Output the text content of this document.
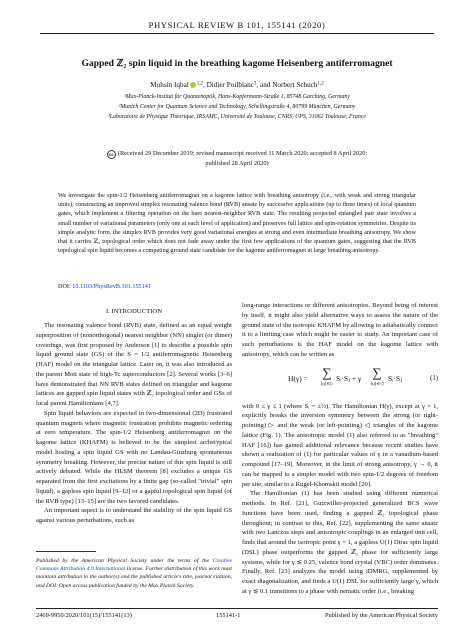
PHYSICAL REVIEW B 101, 155141 (2020)
Gapped ℤ₂ spin liquid in the breathing kagome Heisenberg antiferromagnet
Mohsin Iqbal $^{1,2}$, Didier Poilblanc$^3$, and Norbert Schuch$^{1,2}$
¹Max-Planck-Institut für Quantenoptik, Hans-Kopfermann-Straße 1, 85748 Garching, Germany
²Munich Center for Quantum Science and Technology, Schellingstraße 4, 80799 München, Germany
³Laboratoire de Physique Théorique, IRSAMC, Université de Toulouse, CNRS, UPS, 31062 Toulouse, France
cc (Received 29 December 2019; revised manuscript received 11 March 2020; accepted 8 April 2020;
published 28 April 2020)
We investigate the spin-1/2 Heisenberg antiferromagnet on a kagome lattice with breathing anisotropy (i.e., with weak and strong triangular units), constructing an improved simplex resonating valence bond (RVB) ansatz by successive applications (up to three times) of local quantum gates, which implement a filtering operation on the bare nearest-neighbor RVB state. The resulting projected entangled pair state involves a small number of variational parameters (only one at each level of application) and preserves full lattice and spin-rotation symmetries. Despite its simple analytic form, the simplex RVB provides very good variational energies at strong and even intermediate breathing anisotropy. We show that it carries ℤ₂ topological order which does not fade away under the first few applications of the quantum gates, suggesting that the RVB topological spin liquid becomes a competing ground state candidate for the kagome antiferromagnet at large breathing anisotropy.
DOI: 10.1103/PhysRevB.101.155141
I. INTRODUCTION

The resonating valence bond (RVB) state, defined as an equal weight superposition of (nonorthogonal) nearest neighbor (NN) singlet (or dimer) coverings, was first proposed by Anderson [1] to describe a possible spin liquid ground state (GS) of the S = 1/2 antiferromagnetic Heisenberg (HAF) model on the triangular lattice. Later on, it was also introduced as the parent Mott state of high-Tc superconductors [2]. Several works [3–6] have demonstrated that NN RVB states defined on triangular and kagome lattices are gapped spin liquid states with ℤ₂ topological order and GSs of local parent Hamiltonians [4,7].

Spin liquid behaviors are expected in two-dimensional (2D) frustrated quantum magnets where magnetic frustration prohibits magnetic ordering at zero temperature. The spin-1/2 Heisenberg antiferromagnet on the kagome lattice (KHAFM) is believed to be the simplest archetypical model hosting a spin liquid GS with no Landau-Ginzburg spontaneous symmetry breaking. However, the precise nature of this spin liquid is still actively debated. While the HLSM theorem [8] excludes a unique GS separated from the first excitations by a finite gap (so-called "trivial" spin liquid), a gapless spin liquid [9–12] or a gapful topological spin liquid (of the RVB type) [13–15] are the two favored candidates.

An important aspect is to understand the stability of the spin liquid GS against various perturbations, such as

long-range interactions or different anisotropies. Beyond being of interest by itself, it might also yield alternative ways to assess the nature of the ground state of the isotropic KHAFM by allowing to adiabatically connect it to a limiting case which might be easier to study. An important case of such perturbations is the HAF model on the kagome lattice with anisotropy, which can be written as

H(γ) =	∑
⟨ij⟩∈▷
Sᵢ·Sⱼ + γ ∑
⟨ij⟩∈◁
Sᵢ·Sⱼ	(1)

with 0 ≤ γ ≤ 1 (where Sᵢ = ±½). The Hamiltonian H(γ), except at γ = 1, explicitly breaks the inversion symmetry between the strong (or right-pointing) ▷ and the weak (or left-pointing) ◁ triangles of the kagome lattice (Fig. 1). The anisotropic model (1) also referred to as "breathing" HAF [16]) has gained additional relevance because recent studies have shown a realization of (1) for particular values of γ in a vanadium-based compound [17–19]. Moreover, in the limit of strong anisotropy, γ → 0, it can be mapped to a simpler model with two spin-1/2 degrees of freedom per site, similar to a Kugel-Khomskii model [20].

The Hamiltonian (1) has been studied using different numerical methods. In Ref. [21], Gutzwiller-projected generalized BCS wave functions have been used, finding a gapped ℤ₂ topological phase throughout; in contrast to this, Ref. [22], supplementing the same ansatz with two Lanczos steps and anisotropic couplings in an enlarged unit cell, finds that around the isotropic point γ = 1, a gapless U(1) Dirac spin liquid (DSL) phase outperforms the gapped ℤ₂ phase for sufficiently large systems, while for γ ≲ 0.25, valence bond crystal (VBC) order dominates. Finally, Ref. [23] analyzes the model using iDMRG, supplemented by exact diagonalization, and finds a U(1) DSL for sufficiently large γ, which at γ ≲ 0.1 transitions to a phase with nematic order (i.e., breaking

Published by the American Physical Society under the terms of the Creative Commons Attribution 4.0 International license. Further distribution of this work must maintain attribution to the author(s) and the published article's title, journal citation, and DOI. Open access publication funded by the Max Planck Society.
2469-9950/2020/101(15)/155141(13)	155141-1	Published by the American Physical Society
